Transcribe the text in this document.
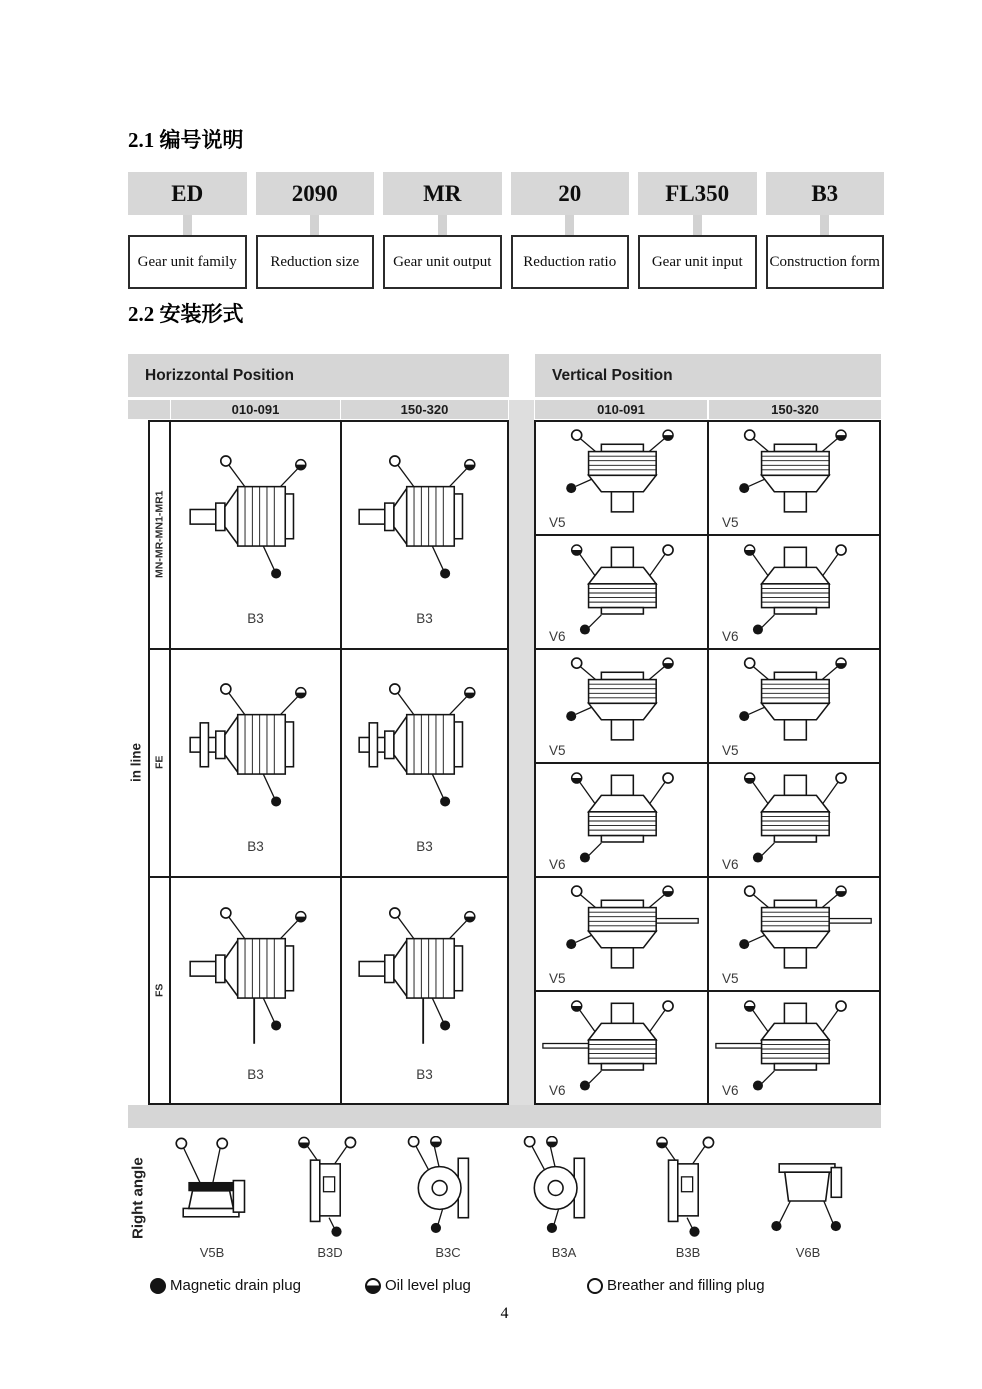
2.1 编号说明
ED
Gear unit family
2090
Reduction size
MR
Gear unit output
20
Reduction ratio
FL350
Gear unit input
B3
Construction form
2.2 安装形式
Horizzontal Position
010-091	150-320
in line
MN-MR-MN1-MR1
FE
FS
B3	B3
B3	B3
B3	B3
Vertical Position
010-091	150-320
V5	V5
V6	V6
V5	V5
V6	V6
V5	V5
V6	V6
Right angle
V5B	B3D	B3C	B3A	B3B	V6B
Magnetic drain plug	Oil level plug	Breather and filling plug
4
